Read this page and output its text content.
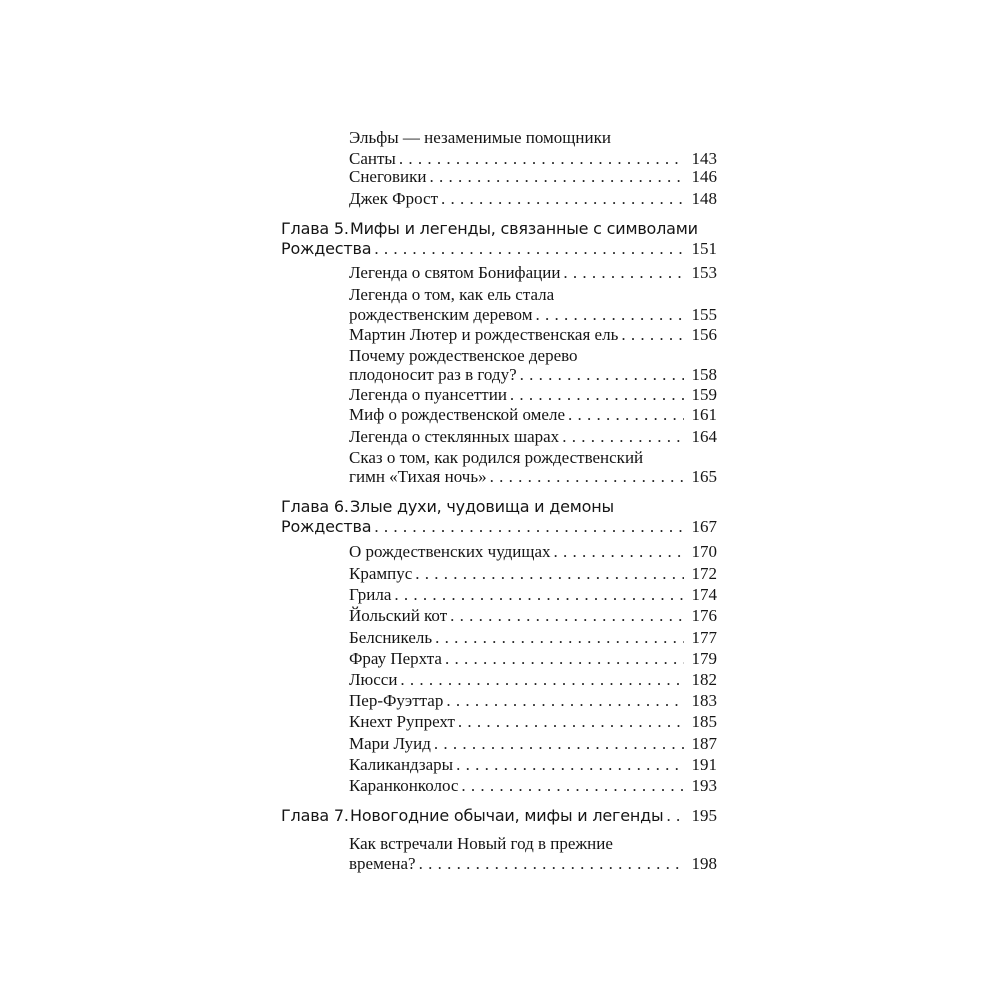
Эльфы — незаменимые помощники
Санты . . .	143
Снеговики . . .	146
Джек Фрост . . .	148
Глава 5.Мифы и легенды, связанные с символами
Рождества . . .	151
Легенда о святом Бонифации . . .	153
Легенда о том, как ель стала
рождественским деревом . . .	155
Мартин Лютер и рождественская ель . . .	156
Почему рождественское дерево
плодоносит раз в году? . . .	158
Легенда о пуансеттии . . .	159
Миф о рождественской омеле . . .	161
Легенда о стеклянных шарах . . .	164
Сказ о том, как родился рождественский
гимн «Тихая ночь» . . .	165
Глава 6.Злые духи, чудовища и демоны
Рождества . . .	167
О рождественских чудищах . . .	170
Крампус . . .	172
Грила . . .	174
Йольский кот . . .	176
Белсникель . . .	177
Фрау Перхта . . .	179
Люсси . . .	182
Пер-Фуэттар . . .	183
Кнехт Рупрехт . . .	185
Мари Луид . . .	187
Каликандзары . . .	191
Каранконколос . . .	193
Глава 7.Новогодние обычаи, мифы и легенды . . . 195
Как встречали Новый год в прежние
времена? . . .	198
